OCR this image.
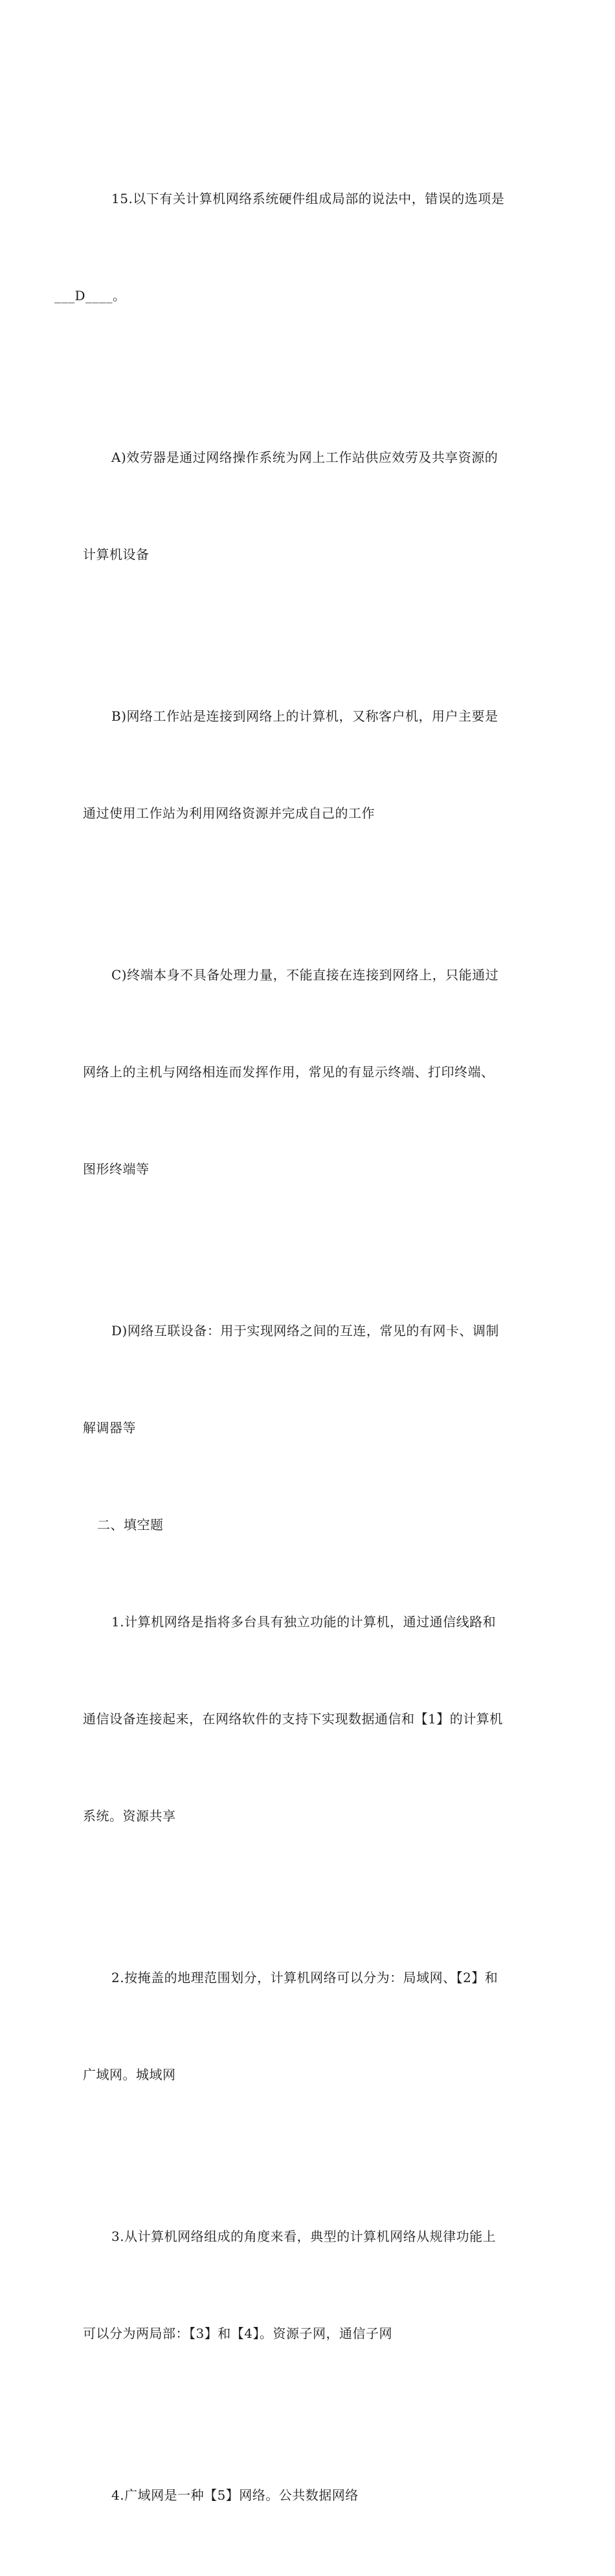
15.以下有关计算机网络系统硬件组成局部的说法中，错误的选项是

___D____。

A)效劳器是通过网络操作系统为网上工作站供应效劳及共享资源的

计算机设备

B)网络工作站是连接到网络上的计算机，又称客户机，用户主要是

通过使用工作站为利用网络资源并完成自己的工作

C)终端本身不具备处理力量，不能直接在连接到网络上，只能通过

网络上的主机与网络相连而发挥作用，常见的有显示终端、打印终端、

图形终端等

D)网络互联设备：用于实现网络之间的互连，常见的有网卡、调制

解调器等

二、填空题

1.计算机网络是指将多台具有独立功能的计算机，通过通信线路和

通信设备连接起来，在网络软件的支持下实现数据通信和【1】的计算机

系统。资源共享

2.按掩盖的地理范围划分，计算机网络可以分为：局域网、【2】和

广域网。城域网

3.从计算机网络组成的角度来看，典型的计算机网络从规律功能上

可以分为两局部：【3】和【4】。资源子网，通信子网

4.广域网是一种【5】网络。公共数据网络
